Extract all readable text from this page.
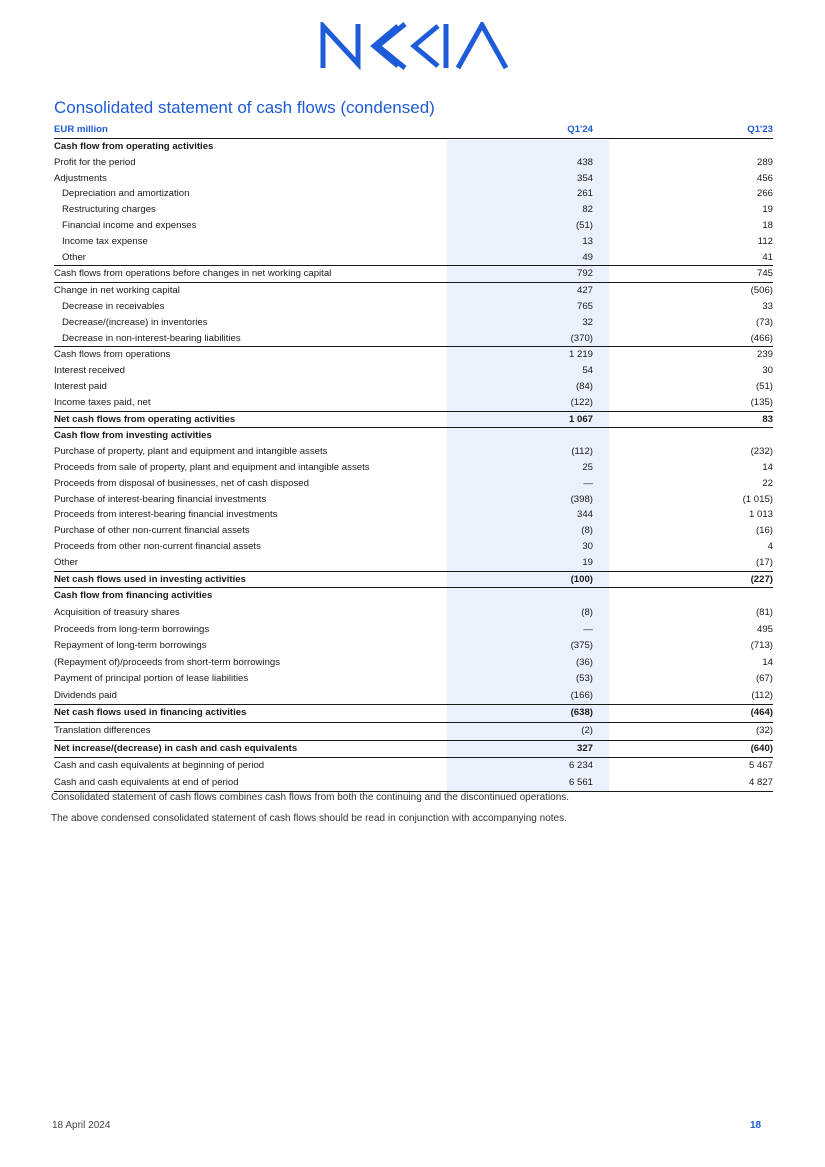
Consolidated statement of cash flows (condensed)
EUR million	Q1'24	Q1'23
Cash flow from operating activities
Profit for the period	438	289
Adjustments	354	456
Depreciation and amortization	261	266
Restructuring charges	82	19
Financial income and expenses	(51)	18
Income tax expense	13	112
Other	49	41
Cash flows from operations before changes in net working capital	792	745
Change in net working capital	427	(506)
Decrease in receivables	765	33
Decrease/(increase) in inventories	32	(73)
Decrease in non-interest-bearing liabilities	(370)	(466)
Cash flows from operations	1 219	239
Interest received	54	30
Interest paid	(84)	(51)
Income taxes paid, net	(122)	(135)
Net cash flows from operating activities	1 067	83
Cash flow from investing activities
Purchase of property, plant and equipment and intangible assets	(112)	(232)
Proceeds from sale of property, plant and equipment and intangible assets	25	14
Proceeds from disposal of businesses, net of cash disposed	—	22
Purchase of interest-bearing financial investments	(398)	(1 015)
Proceeds from interest-bearing financial investments	344	1 013
Purchase of other non-current financial assets	(8)	(16)
Proceeds from other non-current financial assets	30	4
Other	19	(17)
Net cash flows used in investing activities	(100)	(227)
Cash flow from financing activities
Acquisition of treasury shares	(8)	(81)
Proceeds from long-term borrowings	—	495
Repayment of long-term borrowings	(375)	(713)
(Repayment of)/proceeds from short-term borrowings	(36)	14
Payment of principal portion of lease liabilities	(53)	(67)
Dividends paid	(166)	(112)
Net cash flows used in financing activities	(638)	(464)
Translation differences	(2)	(32)
Net increase/(decrease) in cash and cash equivalents	327	(640)
Cash and cash equivalents at beginning of period	6 234	5 467
Cash and cash equivalents at end of period	6 561	4 827
Consolidated statement of cash flows combines cash flows from both the continuing and the discontinued operations.
The above condensed consolidated statement of cash flows should be read in conjunction with accompanying notes.
18 April 2024	18
